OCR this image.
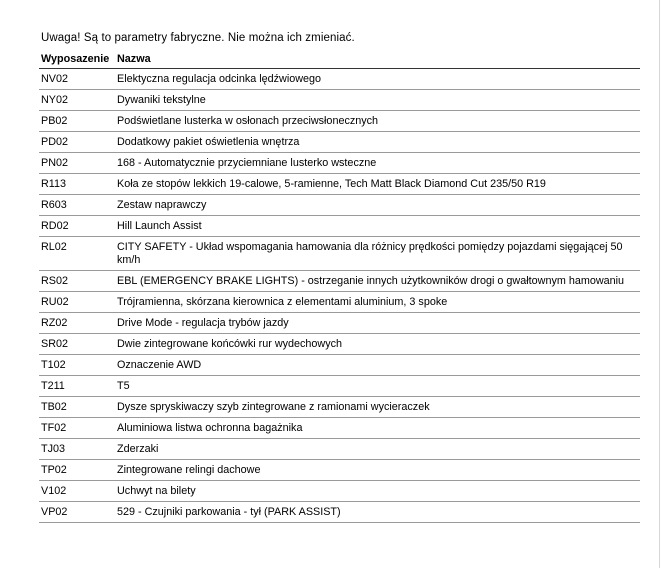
Uwaga! Są to parametry fabryczne. Nie można ich zmieniać.
Wyposazenie	Nazwa
NV02	Elektyczna regulacja odcinka lędźwiowego
NY02	Dywaniki tekstylne
PB02	Podświetlane lusterka w osłonach przeciwsłonecznych
PD02	Dodatkowy pakiet oświetlenia wnętrza
PN02	168 - Automatycznie przyciemniane lusterko wsteczne
R113	Koła ze stopów lekkich 19-calowe, 5-ramienne, Tech Matt Black Diamond Cut 235/50 R19
R603	Zestaw naprawczy
RD02	Hill Launch Assist
RL02	CITY SAFETY - Układ wspomagania hamowania dla różnicy prędkości pomiędzy pojazdami sięgającej 50 km/h
RS02	EBL (EMERGENCY BRAKE LIGHTS) - ostrzeganie innych użytkowników drogi o gwałtownym hamowaniu
RU02	Trójramienna, skórzana kierownica z elementami aluminium, 3 spoke
RZ02	Drive Mode - regulacja trybów jazdy
SR02	Dwie zintegrowane końcówki rur wydechowych
T102	Oznaczenie AWD
T211	T5
TB02	Dysze spryskiwaczy szyb zintegrowane z ramionami wycieraczek
TF02	Aluminiowa listwa ochronna bagażnika
TJ03	Zderzaki
TP02	Zintegrowane relingi dachowe
V102	Uchwyt na bilety
VP02	529 - Czujniki parkowania - tył (PARK ASSIST)
